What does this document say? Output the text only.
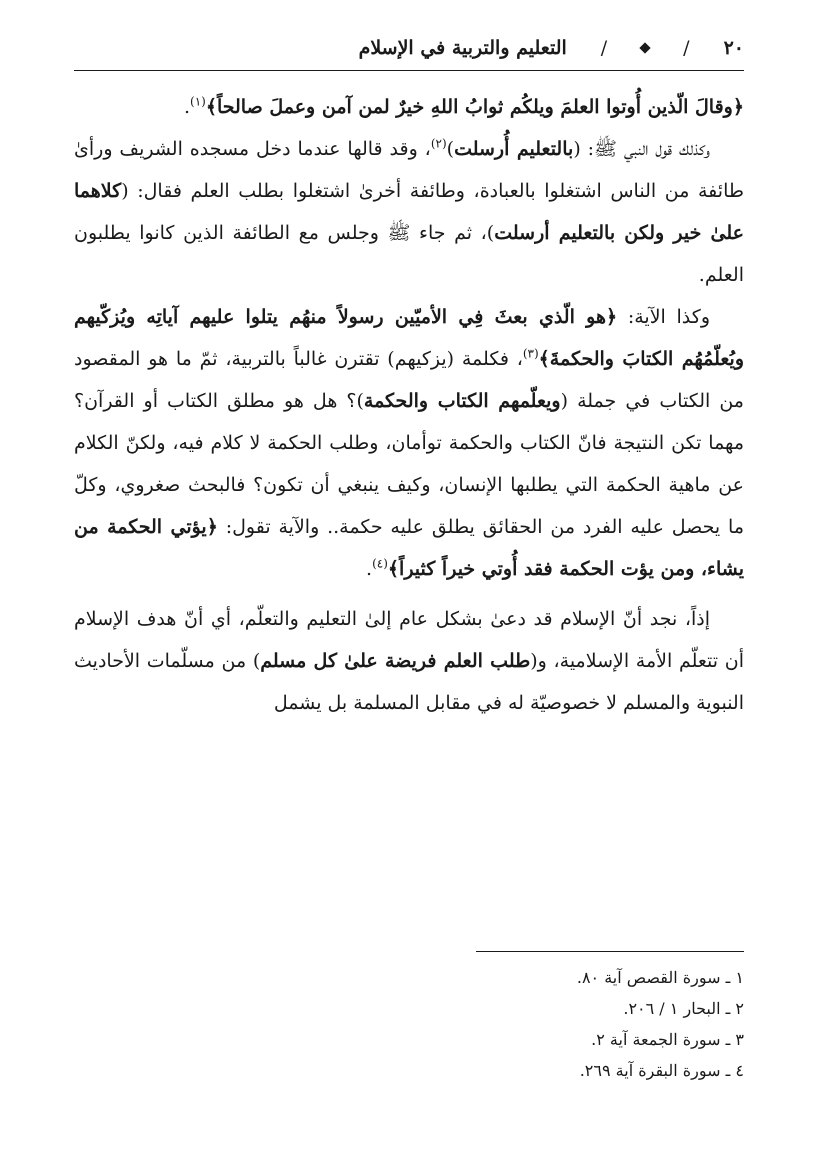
٢٠
/
/
التعليم والتربية في الإسلام

﴿وقالَ الّذين أُوتوا العلمَ ويلكُم ثوابُ اللهِ خيرٌ لمن آمن وعملَ صالحاً﴾$^{(١)}$.

وكذلك قول النبي ﷺ: (بالتعليم أُرسلت)$^{(٢)}$، وقد قالها عندما دخل مسجده الشريف ورأىٰ طائفة من الناس اشتغلوا بالعبادة، وطائفة أخرىٰ اشتغلوا بطلب العلم فقال: (كلاهما علىٰ خير ولكن بالتعليم أرسلت)، ثم جاء ﷺ وجلس مع الطائفة الذين كانوا يطلبون العلم.

وكذا الآية: ﴿هو الّذي بعثَ فِي الأميّين رسولاً منهُم يتلوا عليهم آياتِه ويُزكّيهم ويُعلّمُهُم الكتابَ والحكمةَ﴾$^{(٣)}$، فكلمة (يزكيهم) تقترن غالباً بالتربية، ثمّ ما هو المقصود من الكتاب في جملة (ويعلّمهم الكتاب والحكمة)؟ هل هو مطلق الكتاب أو القرآن؟ مهما تكن النتيجة فانّ الكتاب والحكمة توأمان، وطلب الحكمة لا كلام فيه، ولكنّ الكلام عن ماهية الحكمة التي يطلبها الإنسان، وكيف ينبغي أن تكون؟ فالبحث صغروي، وكلّ ما يحصل عليه الفرد من الحقائق يطلق عليه حكمة.. والآية تقول: ﴿يؤتي الحكمة من يشاء، ومن يؤت الحكمة فقد أُوتي خيراً كثيراً﴾$^{(٤)}$.

إذاً، نجد أنّ الإسلام قد دعىٰ بشكل عام إلىٰ التعليم والتعلّم، أي أنّ هدف الإسلام أن تتعلّم الأمة الإسلامية، و(طلب العلم فريضة علىٰ كل مسلم) من مسلّمات الأحاديث النبوية والمسلم لا خصوصيّة له في مقابل المسلمة بل يشمل

١ ـ سورة القصص آية ٨٠.
٢ ـ البحار ١ / ٢٠٦.
٣ ـ سورة الجمعة آية ٢.
٤ ـ سورة البقرة آية ٢٦٩.
